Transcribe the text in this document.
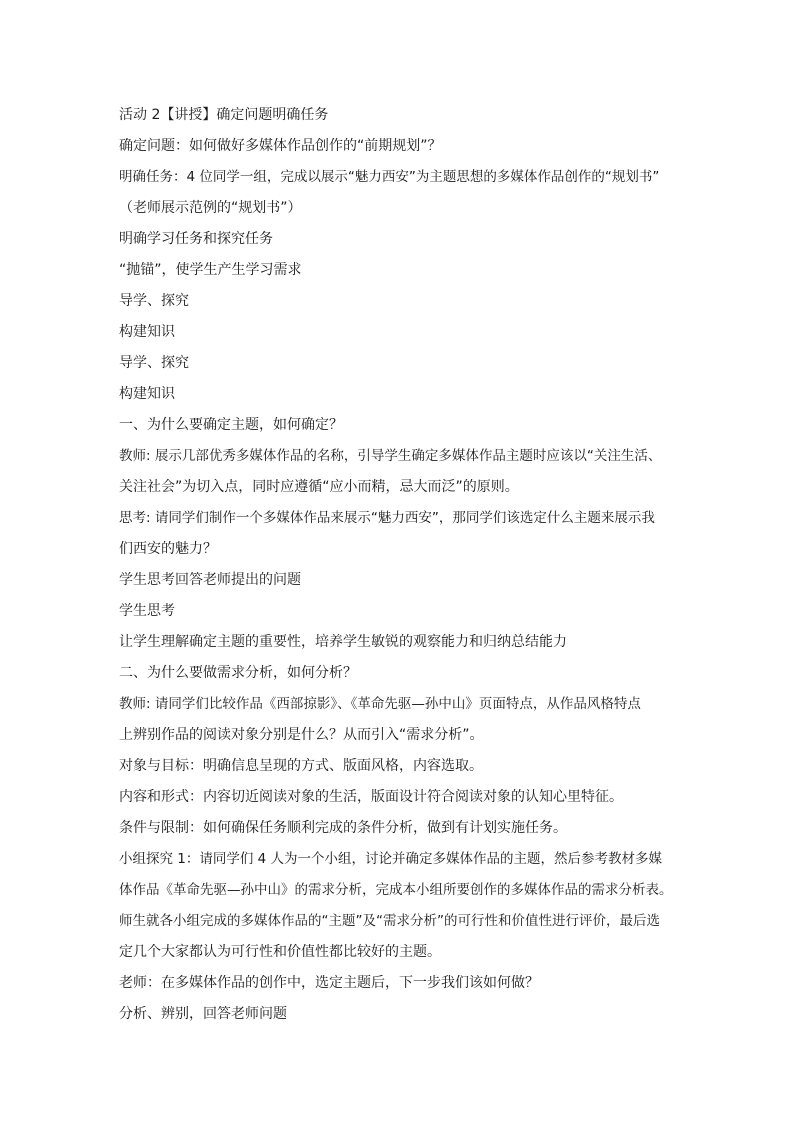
活动 2【讲授】确定问题明确任务
确定问题：如何做好多媒体作品创作的“前期规划”？
明确任务：4 位同学一组，完成以展示“魅力西安”为主题思想的多媒体作品创作的“规划书”
（老师展示范例的“规划书”）
明确学习任务和探究任务
“抛锚”，使学生产生学习需求
导学、探究
构建知识
导学、探究
构建知识
一、为什么要确定主题，如何确定？
教师: 展示几部优秀多媒体作品的名称，引导学生确定多媒体作品主题时应该以“关注生活、
关注社会”为切入点，同时应遵循“应小而精，忌大而泛”的原则。
思考: 请同学们制作一个多媒体作品来展示“魅力西安”，那同学们该选定什么主题来展示我
们西安的魅力？
学生思考回答老师提出的问题
学生思考
让学生理解确定主题的重要性，培养学生敏锐的观察能力和归纳总结能力
二、为什么要做需求分析，如何分析？
教师: 请同学们比较作品《西部掠影》、《革命先驱—孙中山》页面特点，从作品风格特点
上辨别作品的阅读对象分别是什么？从而引入“需求分析”。
对象与目标：明确信息呈现的方式、版面风格，内容选取。
内容和形式：内容切近阅读对象的生活，版面设计符合阅读对象的认知心里特征。
条件与限制：如何确保任务顺利完成的条件分析，做到有计划实施任务。
小组探究 1：请同学们 4 人为一个小组，讨论并确定多媒体作品的主题，然后参考教材多媒
体作品《革命先驱—孙中山》的需求分析，完成本小组所要创作的多媒体作品的需求分析表。
师生就各小组完成的多媒体作品的“主题”及“需求分析”的可行性和价值性进行评价，最后选
定几个大家都认为可行性和价值性都比较好的主题。
老师：在多媒体作品的创作中，选定主题后，下一步我们该如何做？
分析、辨别，回答老师问题
